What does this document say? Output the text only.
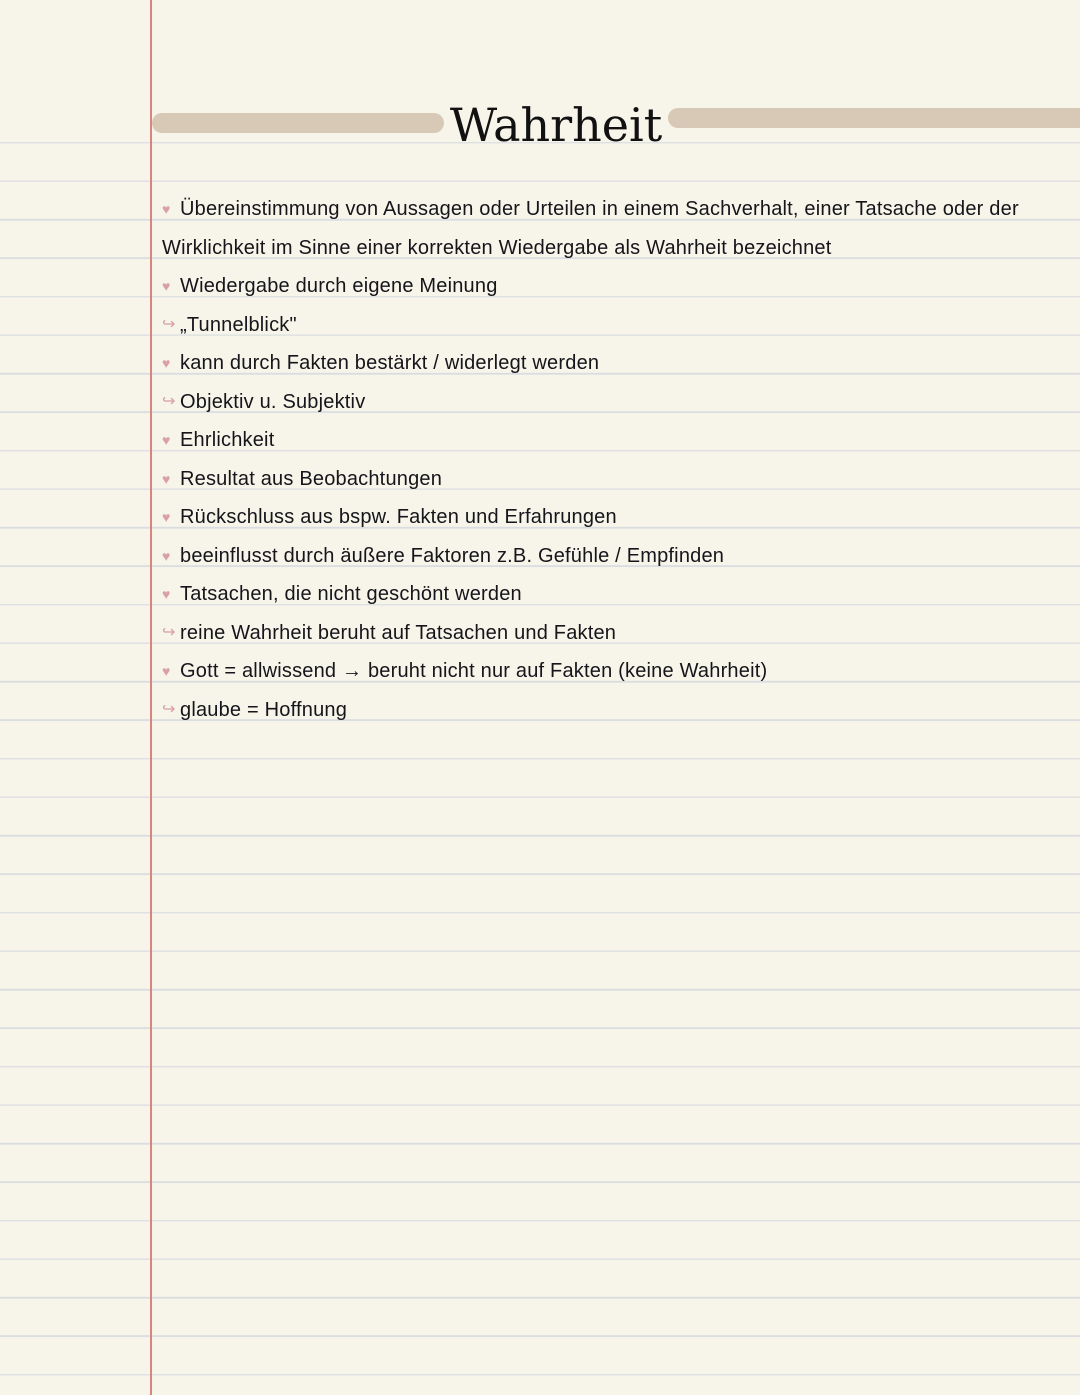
Wahrheit
♥ Übereinstimmung von Aussagen oder Urteilen in einem Sachverhalt, einer Tatsache oder der Wirklichkeit im Sinne einer korrekten Wiedergabe als Wahrheit bezeichnet
♥ Wiedergabe durch eigene Meinung
↪ „Tunnelblick"
♥ kann durch Fakten bestärkt / widerlegt werden
↪ Objektiv u. Subjektiv
♥ Ehrlichkeit
♥ Resultat aus Beobachtungen
♥ Rückschluss aus bspw. Fakten und Erfahrungen
♥ beeinflusst durch äußere Faktoren z.B. Gefühle / Empfinden
♥ Tatsachen, die nicht geschönt werden
↪ reine Wahrheit beruht auf Tatsachen und Fakten
♥ Gott = allwissend → beruht nicht nur auf Fakten (keine Wahrheit)
↪ glaube = Hoffnung
